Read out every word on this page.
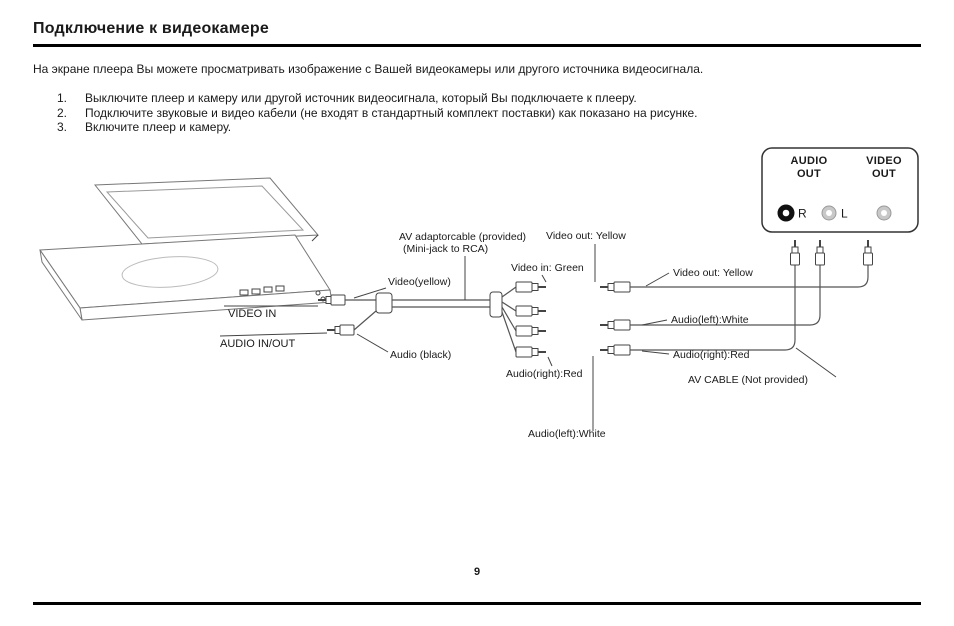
Подключение к видеокамере
На экране плеера Вы можете просматривать изображение с Вашей видеокамеры или другого источника видеосигнала.
1.	Выключите плеер и камеру или другой источник видеосигнала, который Вы подключаете к плееру.
2.	Подключите звуковые и видео кабели (не входят в стандартный комплект поставки) как показано на рисунке.
3.	Включите плеер и камеру.
AUDIO
OUT
VIDEO
OUT
R	L
AV adaptorcable (provided)
(Mini-jack to RCA)
Video out: Yellow
Video in: Green
Video(yellow)
VIDEO IN
AUDIO IN/OUT
Audio (black)
Audio(right):Red
Audio(left):White
Video out: Yellow
Audio(left):White
Audio(right):Red
AV CABLE (Not provided)
9
